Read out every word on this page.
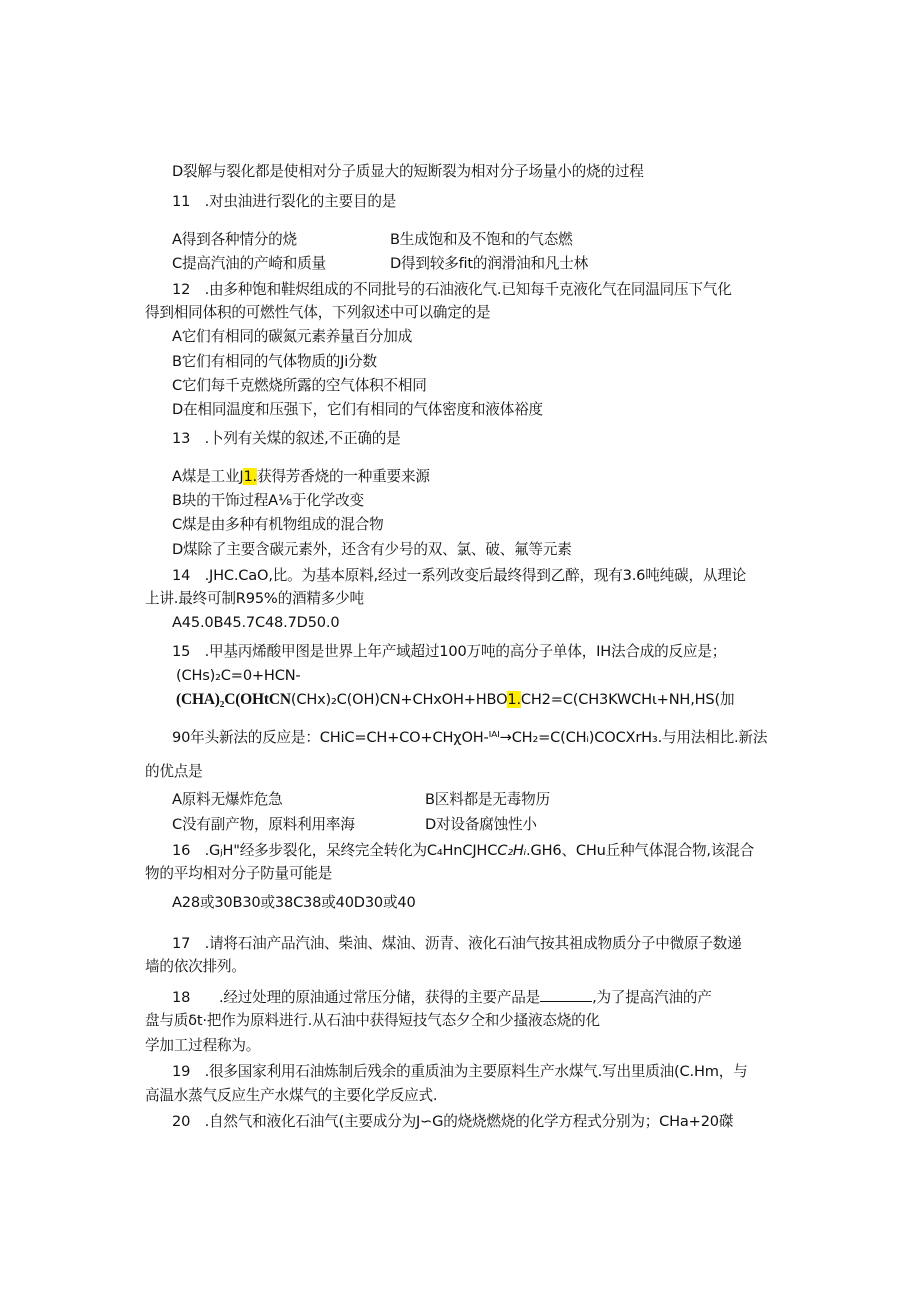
D裂解与裂化都是使相对分子质显大的短断裂为相对分子场量小的烧的过程
11　.对虫油进行裂化的主要目的是
A得到各种情分的烧	B生成饱和及不饱和的气态燃
C提高汽油的产崎和质量	D得到较多fit的润滑油和凡士林
12　.由多种饱和鞋烬组成的不同批号的石油液化气.已知每千克液化气在同温同压下气化
得到相同体积的可燃性气体，下列叙述中可以确定的是
A它们有相同的碳氮元素养量百分加成
B它们有相同的气体物质的Ji分数
C它们每千克燃烧所露的空气体积不相同
D在相同温度和压强下，它们有相同的气体密度和液体裕度
13　.卜列有关煤的叙述,不正确的是
A煤是工业J1.获得芳香烧的一种重要来源
B块的干饰过程A⅛于化学改变
C煤是由多种有机物组成的混合物
D煤除了主要含碳元素外，还含有少号的双、氯、破、氟等元素
14　.JHC.CaO,比。为基本原料,经过一系列改变后最终得到乙醉，现有3.6吨纯碳，从理论
上讲.最终可制R95%的酒精多少吨
A45.0B45.7C48.7D50.0
15　.甲基丙烯酸甲图是世界上年产域超过100万吨的高分子单体，IH法合成的反应是；
(CHs)₂C=0+HCN-
(CHA)₂C(OHtCN(CHx)₂C(OH)CN+CHxOH+HBO1.CH2=C(CH3KWCHι+NH,HS(加
90年头新法的反应是：CHiC=CH+CO+CHχOH-ᴵᴬᴵ→CH₂=C(CHᵢ)COCXrH₃.与用法相比.新法
的优点是
A原料无爆炸危急	B区料都是无毒物历
C没有副产物，原料利用率海	D对设备腐蚀性小
16　.GⱼH"经多步裂化，呆终完全转化为C₄HnCJHCC₂Hᵢ.GH6、CHu丘种气体混合物,该混合
物的平均相对分子防量可能是
A28或30B30或38C38或40D30或40
17　.请将石油产品汽油、柴油、煤油、沥青、液化石油气按其祖成物质分子中微原子数递
墙的依次排列。
18　　.经过处理的原油通过常压分储，获得的主要产品是	,为了提高汽油的产
盘与质δt·把作为原料进行.从石油中获得短技气态夕仝和少搔液态烧的化
学加工过程称为。
19　.很多国家利用石油炼制后残余的重质油为主要原料生产水煤气.写出里质油(C.Hm，与
高温水蒸气反应生产水煤气的主要化学反应式.
20　.自然气和液化石油气(主要成分为J∽G的烧烧燃烧的化学方程式分别为；CHa+20磔
